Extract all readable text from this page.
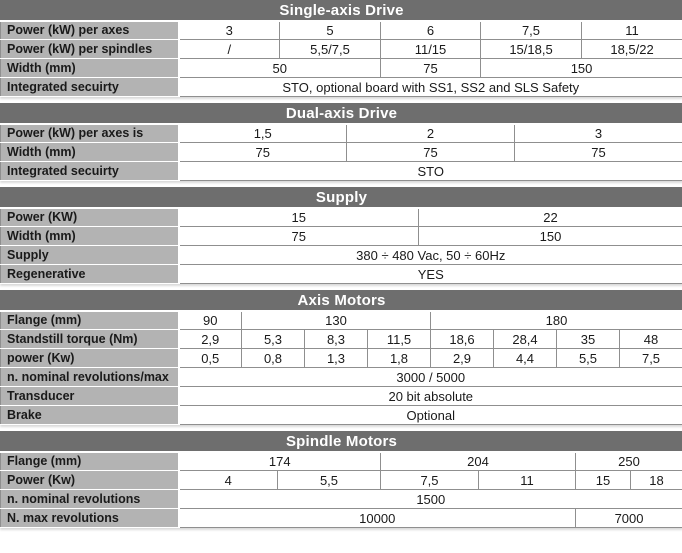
Single-axis Drive					
Power (kW) per axes	3	5	6	7,5	11
Power (kW) per spindles	/	5,5/7,5	11/15	15/18,5	18,5/22
Width (mm)	50		75	150	
Integrated secuirty	STO, optional board with SS1, SS2 and SLS Safety				
Dual-axis Drive			
Power (kW) per axes is	1,5	2	3
Width (mm)	75	75	75
Integrated secuirty	STO		
Supply		
Power (KW)	15	22
Width (mm)	75	150
Supply	380 ÷ 480 Vac, 50 ÷ 60Hz	
Regenerative	YES	
Axis Motors								
Flange (mm)	90	130			180			
Standstill torque (Nm)	2,9	5,3	8,3	11,5	18,6	28,4	35	48
power (Kw)	0,5	0,8	1,3	1,8	2,9	4,4	5,5	7,5
n. nominal revolutions/max	3000 / 5000							
Transducer	20 bit absolute							
Brake	Optional							
Spindle Motors						
Flange (mm)	174		204		250	
Power (Kw)	4	5,5	7,5	11	15	18
n. nominal revolutions	1500					
N. max revolutions	10000				7000	
